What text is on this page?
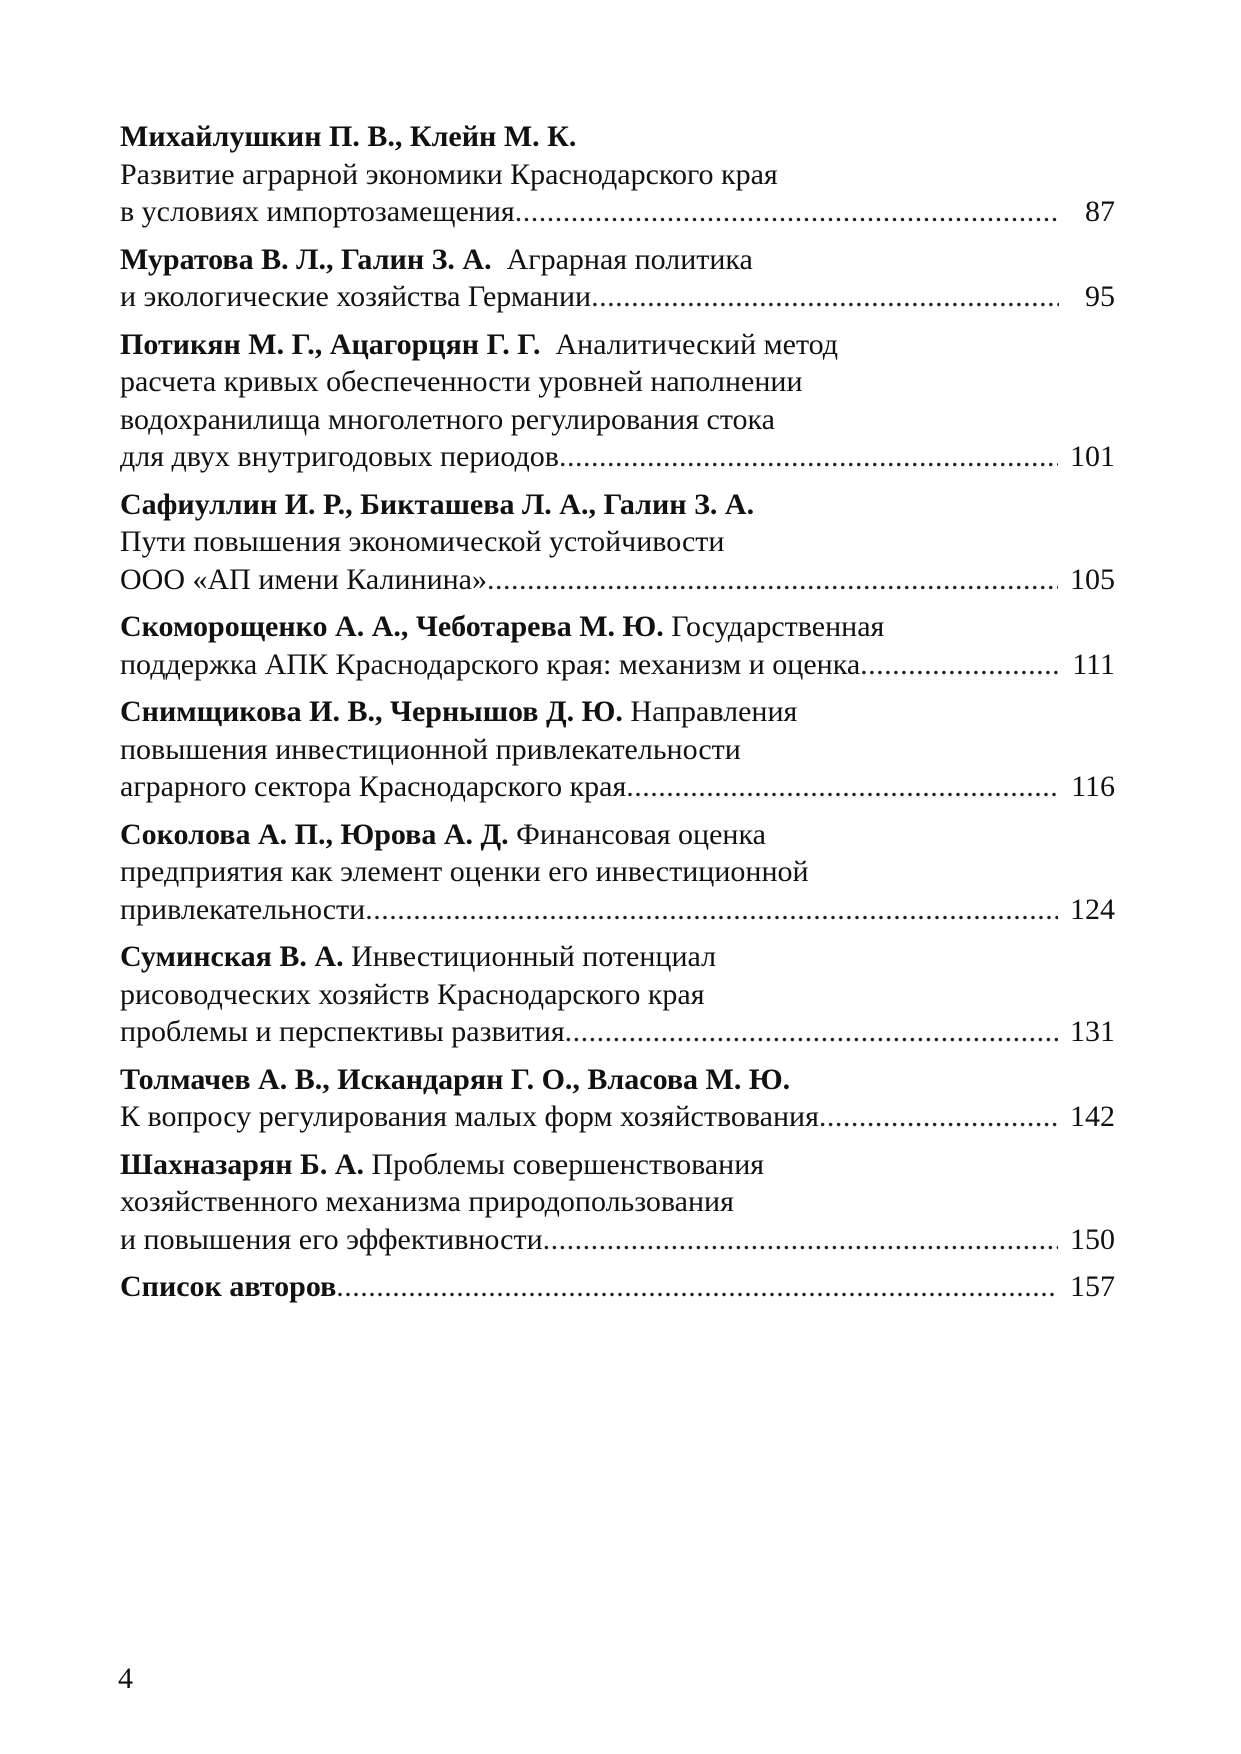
Михайлушкин П. В., Клейн М. К.
Развитие аграрной экономики Краснодарского края
в условиях импортозамещения .....	87
Муратова В. Л., Галин З. А.  Аграрная политика
и экологические хозяйства Германии .....	95
Потикян М. Г., Ацагорцян Г. Г.  Аналитический метод
расчета кривых обеспеченности уровней наполнении
водохранилища многолетного регулирования стока
для двух внутригодовых периодов .....	101
Сафиуллин И. Р., Бикташева Л. А., Галин З. А.
Пути повышения экономической устойчивости
ООО «АП имени Калинина» .....	105
Скоморощенко А. А., Чеботарева М. Ю. Государственная
поддержка АПК Краснодарского края: механизм и оценка .....	111
Снимщикова И. В., Чернышов Д. Ю. Направления
повышения инвестиционной привлекательности
аграрного сектора Краснодарского края .....	116
Соколова А. П., Юрова А. Д. Финансовая оценка
предприятия как элемент оценки его инвестиционной
привлекательности .....	124
Суминская В. А. Инвестиционный потенциал
рисоводческих хозяйств Краснодарского края
проблемы и перспективы развития .....	131
Толмачев А. В., Искандарян Г. О., Власова М. Ю.
К вопросу регулирования малых форм хозяйствования .....	142
Шахназарян Б. А. Проблемы совершенствования
хозяйственного механизма природопользования
и повышения его эффективности .....	150
Список авторов .....	157
4
